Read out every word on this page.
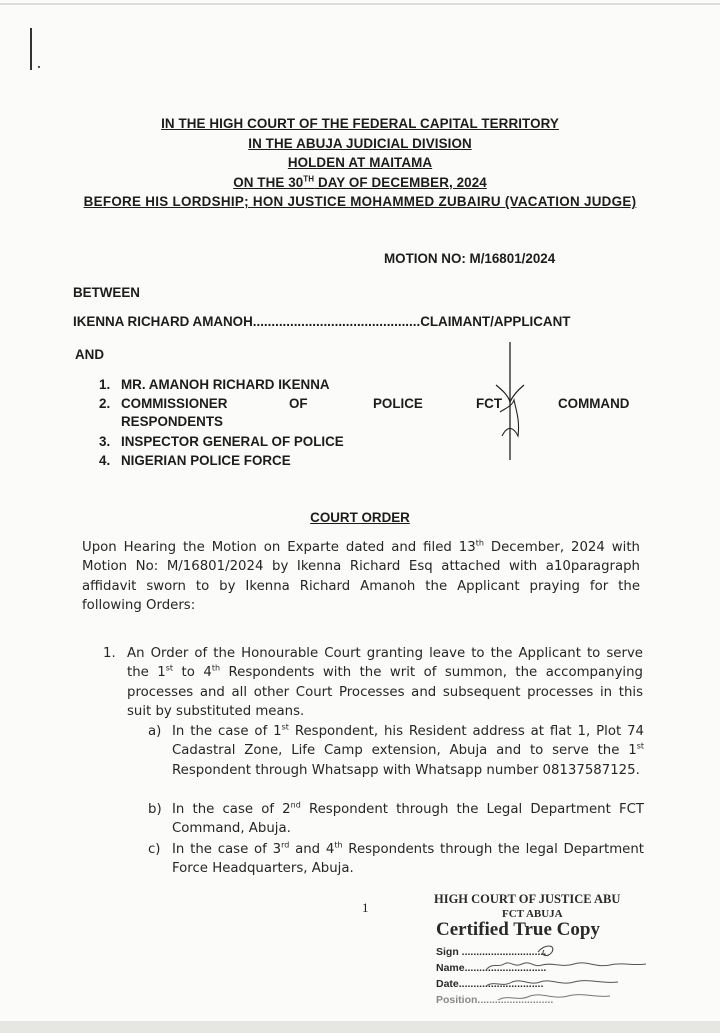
IN THE HIGH COURT OF THE FEDERAL CAPITAL TERRITORY
IN THE ABUJA JUDICIAL DIVISION
HOLDEN AT MAITAMA
ON THE 30TH DAY OF DECEMBER, 2024
BEFORE HIS LORDSHIP; HON JUSTICE MOHAMMED ZUBAIRU (VACATION JUDGE)
MOTION NO: M/16801/2024
BETWEEN
IKENNA RICHARD AMANOH.............................................CLAIMANT/APPLICANT
AND
1. MR. AMANOH RICHARD IKENNA
2. COMMISSIONER	OF	POLICE	FCT	COMMAND
RESPONDENTS
3. INSPECTOR GENERAL OF POLICE
4. NIGERIAN POLICE FORCE
COURT ORDER
Upon Hearing the Motion on Exparte dated and filed 13th December, 2024 with Motion No: M/16801/2024 by Ikenna Richard Esq attached with a10paragraph affidavit sworn to by Ikenna Richard Amanoh the Applicant praying for the following Orders:
1. An Order of the Honourable Court granting leave to the Applicant to serve the 1st to 4th Respondents with the writ of summon, the accompanying processes and all other Court Processes and subsequent processes in this suit by substituted means.
a) In the case of 1st Respondent, his Resident address at flat 1, Plot 74 Cadastral Zone, Life Camp extension, Abuja and to serve the 1st Respondent through Whatsapp with Whatsapp number 08137587125.
b) In the case of 2nd Respondent through the Legal Department FCT Command, Abuja.
c) In the case of 3rd and 4th Respondents through the legal Department Force Headquarters, Abuja.
1
HIGH COURT OF JUSTICE ABU
FCT ABUJA
Certified True Copy
Sign .............................
Name............................
Date.............................
Position..........................
